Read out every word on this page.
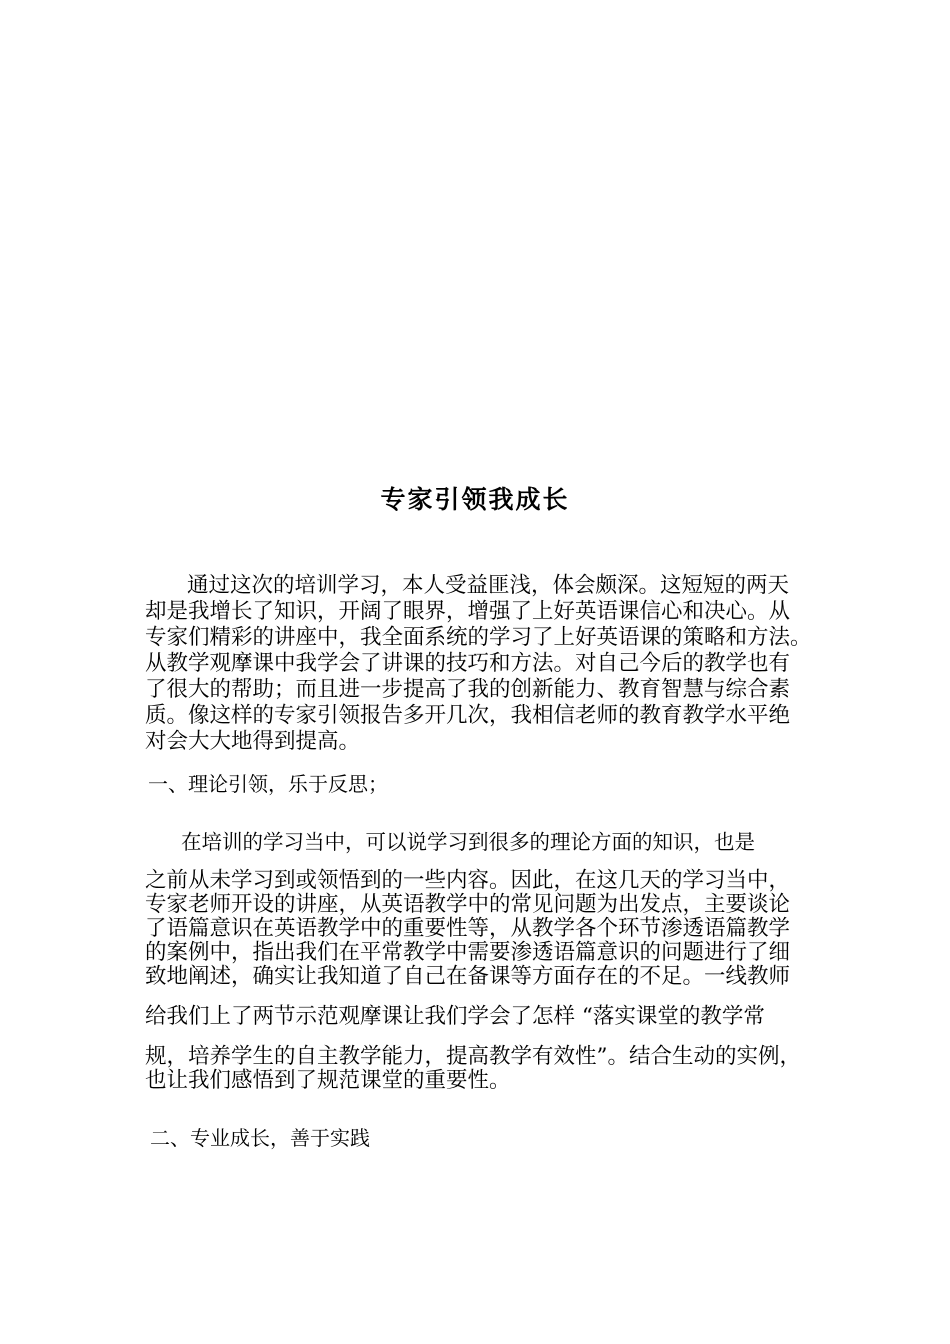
专家引领我成长
通过这次的培训学习，本人受益匪浅，体会颇深。这短短的两天
却是我增长了知识，开阔了眼界，增强了上好英语课信心和决心。从
专家们精彩的讲座中，我全面系统的学习了上好英语课的策略和方法。
从教学观摩课中我学会了讲课的技巧和方法。对自己今后的教学也有
了很大的帮助；而且进一步提高了我的创新能力、教育智慧与综合素
质。像这样的专家引领报告多开几次，我相信老师的教育教学水平绝
对会大大地得到提高。
一、理论引领，乐于反思；
在培训的学习当中，可以说学习到很多的理论方面的知识，也是
之前从未学习到或领悟到的一些内容。因此，在这几天的学习当中，
专家老师开设的讲座，从英语教学中的常见问题为出发点，主要谈论
了语篇意识在英语教学中的重要性等，从教学各个环节渗透语篇教学
的案例中，指出我们在平常教学中需要渗透语篇意识的问题进行了细
致地阐述，确实让我知道了自己在备课等方面存在的不足。一线教师
给我们上了两节示范观摩课让我们学会了怎样 “落实课堂的教学常
规，培养学生的自主教学能力，提高教学有效性”。结合生动的实例，
也让我们感悟到了规范课堂的重要性。
二、专业成长，善于实践
